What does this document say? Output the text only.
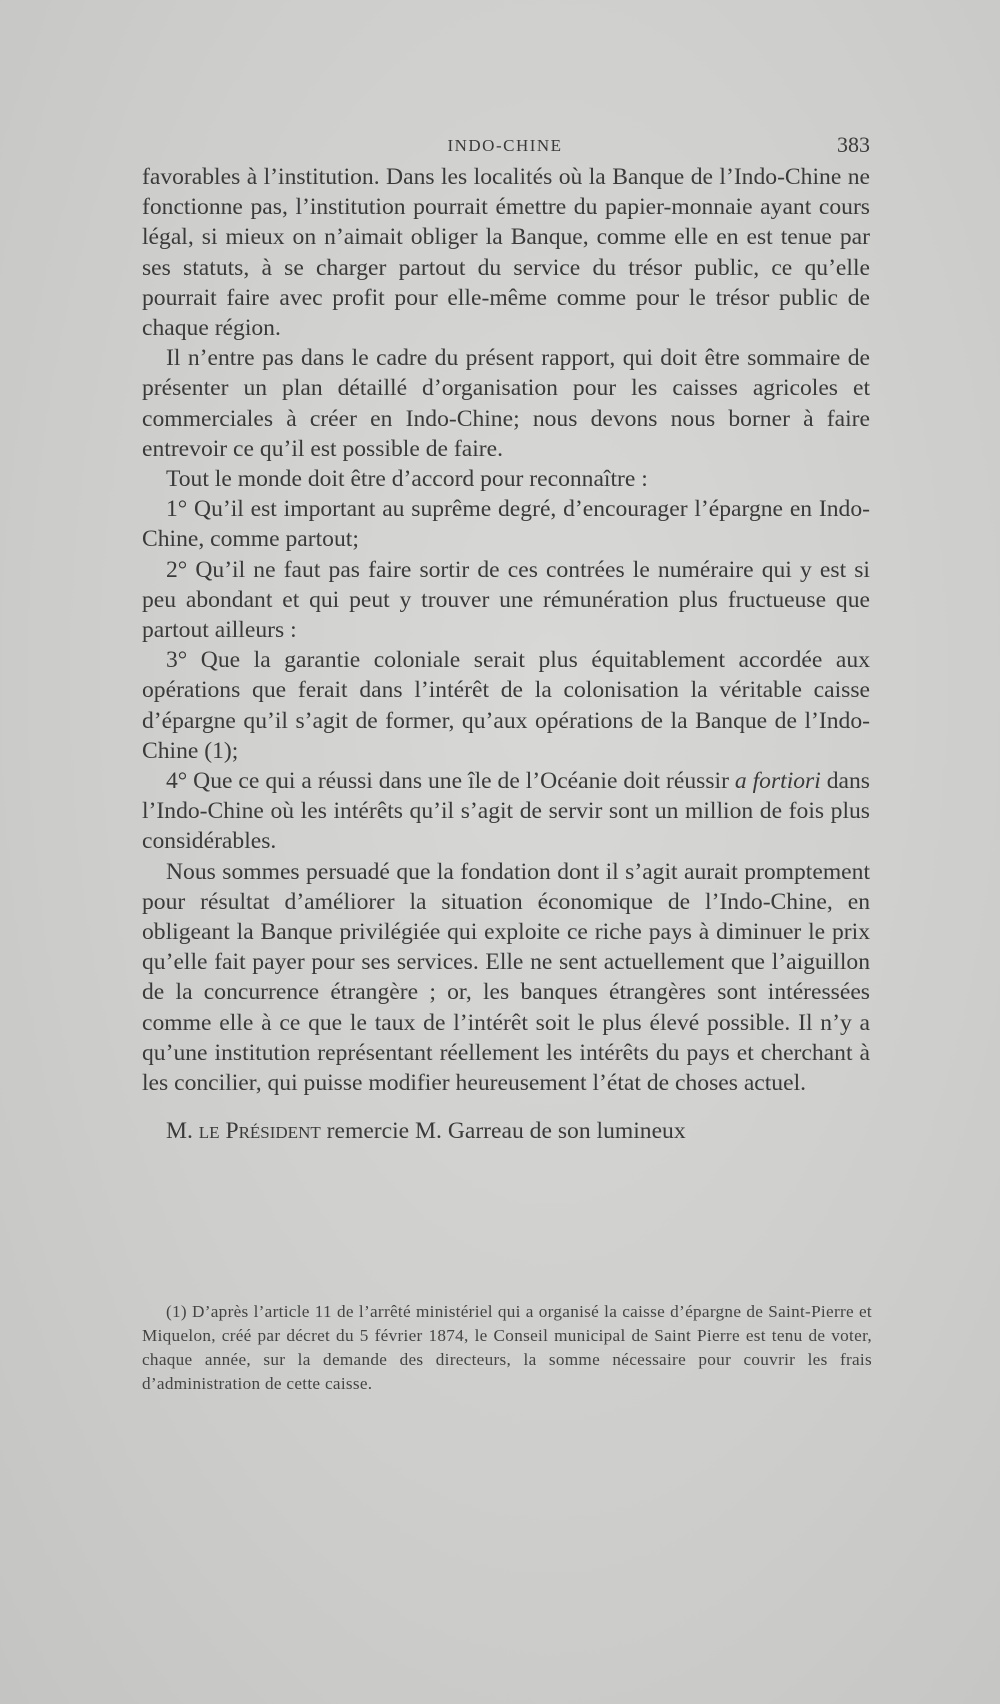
INDO-CHINE	383

favorables à l’institution. Dans les localités où la Banque de l’Indo-Chine ne fonctionne pas, l’institution pourrait émettre du papier-monnaie ayant cours légal, si mieux on n’aimait obliger la Banque, comme elle en est tenue par ses statuts, à se charger partout du service du trésor public, ce qu’elle pourrait faire avec profit pour elle-même comme pour le trésor public de chaque région.

Il n’entre pas dans le cadre du présent rapport, qui doit être sommaire de présenter un plan détaillé d’organisation pour les caisses agricoles et commerciales à créer en Indo-Chine; nous devons nous borner à faire entrevoir ce qu’il est possible de faire.

Tout le monde doit être d’accord pour reconnaître :

1° Qu’il est important au suprême degré, d’encourager l’épargne en Indo-Chine, comme partout;

2° Qu’il ne faut pas faire sortir de ces contrées le numéraire qui y est si peu abondant et qui peut y trouver une rémunération plus fructueuse que partout ailleurs :

3° Que la garantie coloniale serait plus équitablement accordée aux opérations que ferait dans l’intérêt de la colonisation la véritable caisse d’épargne qu’il s’agit de former, qu’aux opérations de la Banque de l’Indo-Chine (1);

4° Que ce qui a réussi dans une île de l’Océanie doit réussir a fortiori dans l’Indo-Chine où les intérêts qu’il s’agit de servir sont un million de fois plus considérables.

Nous sommes persuadé que la fondation dont il s’agit aurait promptement pour résultat d’améliorer la situation économique de l’Indo-Chine, en obligeant la Banque privilégiée qui exploite ce riche pays à diminuer le prix qu’elle fait payer pour ses services. Elle ne sent actuellement que l’aiguillon de la concurrence étrangère ; or, les banques étrangères sont intéressées comme elle à ce que le taux de l’intérêt soit le plus élevé possible. Il n’y a qu’une institution représentant réellement les intérêts du pays et cherchant à les concilier, qui puisse modifier heureusement l’état de choses actuel.

M. le Président remercie M. Garreau de son lumineux

(1) D’après l’article 11 de l’arrêté ministériel qui a organisé la caisse d’épargne de Saint-Pierre et Miquelon, créé par décret du 5 février 1874, le Conseil municipal de Saint Pierre est tenu de voter, chaque année, sur la demande des directeurs, la somme nécessaire pour couvrir les frais d’administration de cette caisse.
